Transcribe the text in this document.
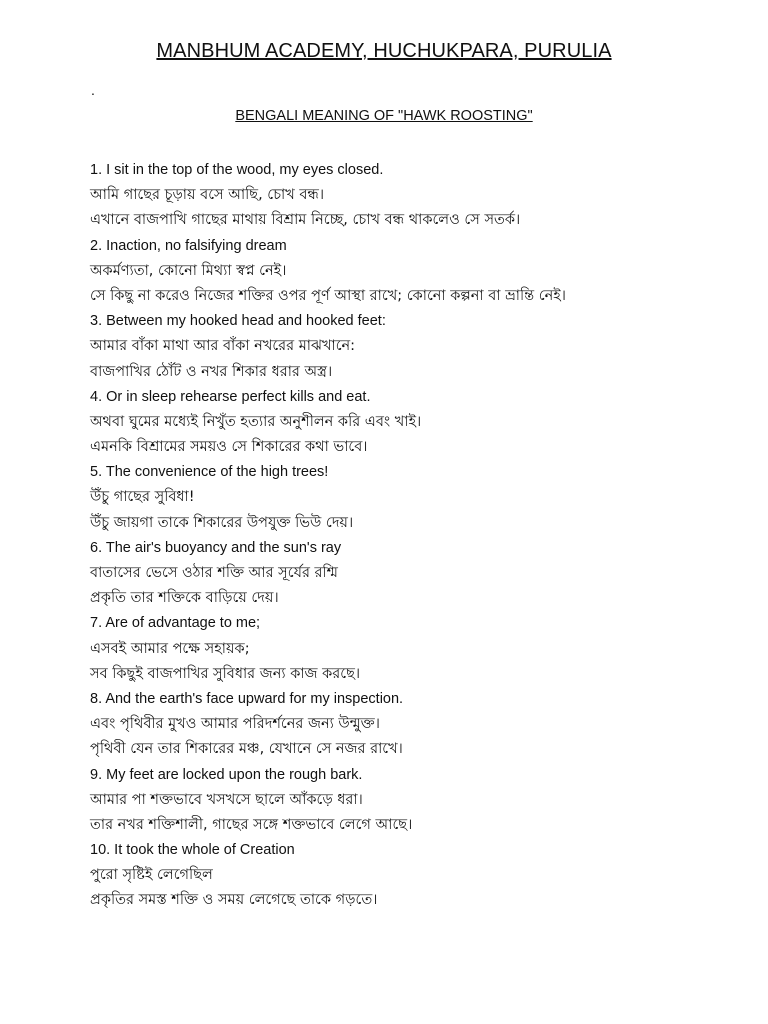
MANBHUM ACADEMY, HUCHUKPARA, PURULIA
.
BENGALI MEANING OF "HAWK ROOSTING"
1. I sit in the top of the wood, my eyes closed.
আমি গাছের চূড়ায় বসে আছি, চোখ বন্ধ।
এখানে বাজপাখি গাছের মাথায় বিশ্রাম নিচ্ছে, চোখ বন্ধ থাকলেও সে সতর্ক।
2. Inaction, no falsifying dream
অকর্মণ্যতা, কোনো মিথ্যা স্বপ্ন নেই।
সে কিছু না করেও নিজের শক্তির ওপর পূর্ণ আস্থা রাখে; কোনো কল্পনা বা ভ্রান্তি নেই।
3. Between my hooked head and hooked feet:
আমার বাঁকা মাথা আর বাঁকা নখরের মাঝখানে:
বাজপাখির ঠোঁট ও নখর শিকার ধরার অস্ত্র।
4. Or in sleep rehearse perfect kills and eat.
অথবা ঘুমের মধ্যেই নিখুঁত হত্যার অনুশীলন করি এবং খাই।
এমনকি বিশ্রামের সময়ও সে শিকারের কথা ভাবে।
5. The convenience of the high trees!
উঁচু গাছের সুবিধা!
উঁচু জায়গা তাকে শিকারের উপযুক্ত ভিউ দেয়।
6. The air's buoyancy and the sun's ray
বাতাসের ভেসে ওঠার শক্তি আর সূর্যের রশ্মি
প্রকৃতি তার শক্তিকে বাড়িয়ে দেয়।
7. Are of advantage to me;
এসবই আমার পক্ষে সহায়ক;
সব কিছুই বাজপাখির সুবিধার জন্য কাজ করছে।
8. And the earth's face upward for my inspection.
এবং পৃথিবীর মুখও আমার পরিদর্শনের জন্য উন্মুক্ত।
পৃথিবী যেন তার শিকারের মঞ্চ, যেখানে সে নজর রাখে।
9. My feet are locked upon the rough bark.
আমার পা শক্তভাবে খসখসে ছালে আঁকড়ে ধরা।
তার নখর শক্তিশালী, গাছের সঙ্গে শক্তভাবে লেগে আছে।
10. It took the whole of Creation
পুরো সৃষ্টিই লেগেছিল
প্রকৃতির সমস্ত শক্তি ও সময় লেগেছে তাকে গড়তে।
